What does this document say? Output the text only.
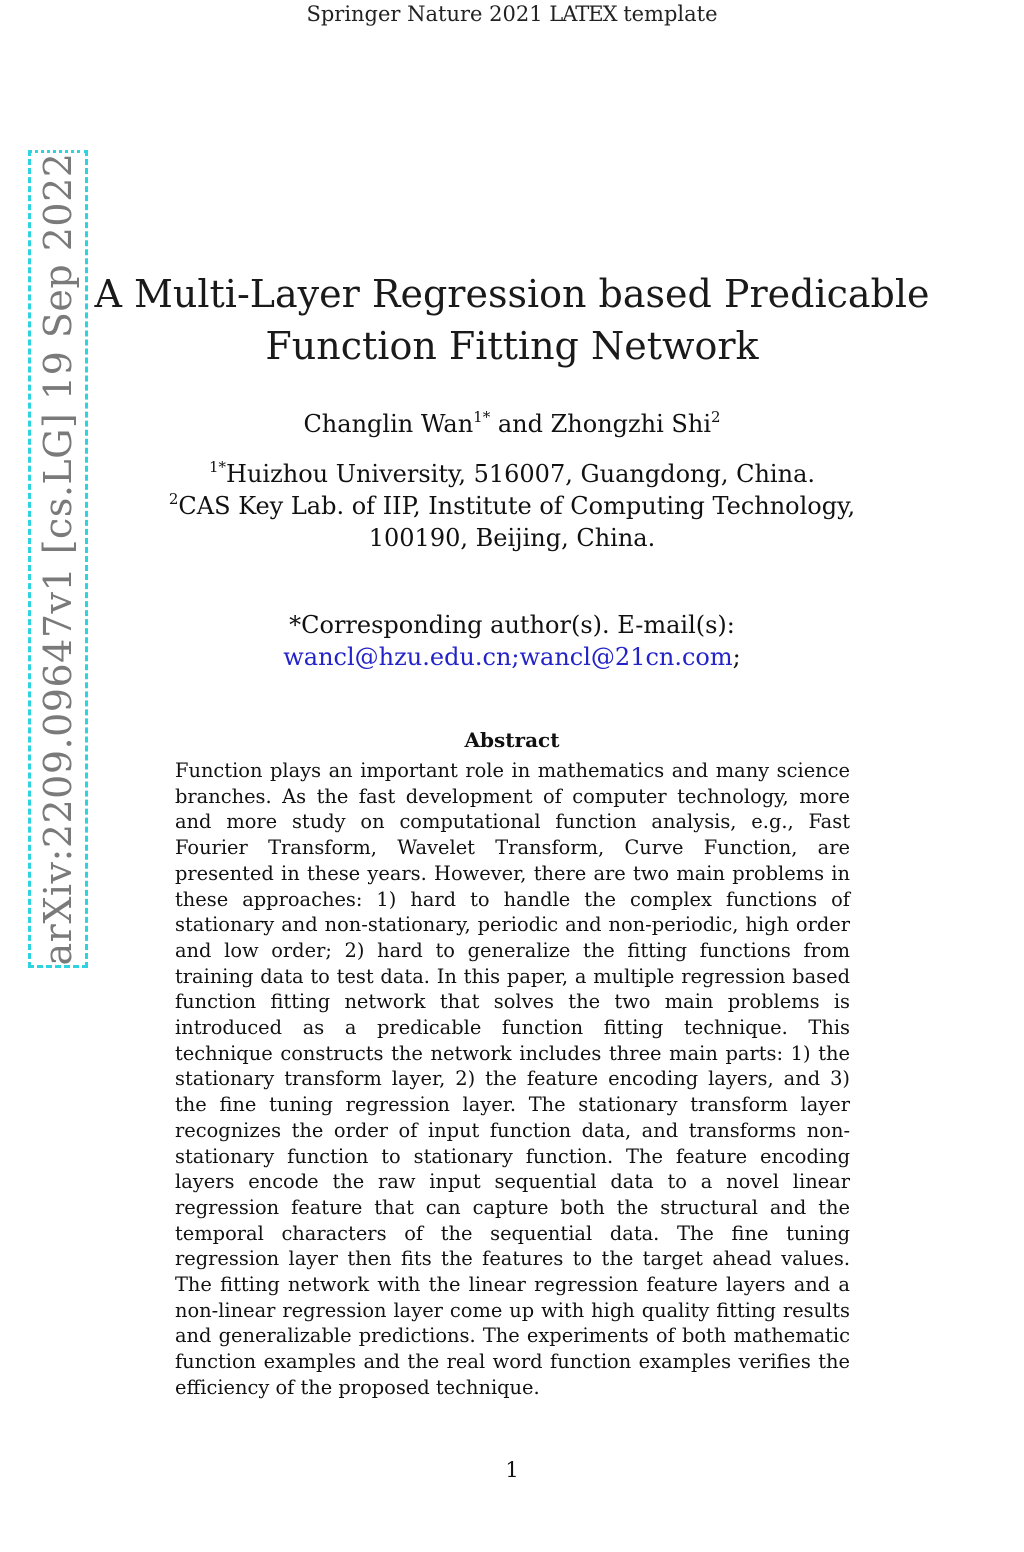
Springer Nature 2021 LATEX template
arXiv:2209.09647v1 [cs.LG] 19 Sep 2022 A Multi-Layer Regression based Predicable
Function Fitting Network
Changlin Wan$^{1*}$ and Zhongzhi Shi$^2$
$^{1*}$Huizhou University, 516007, Guangdong, China.
$^2$CAS Key Lab. of IIP, Institute of Computing Technology,
100190, Beijing, China.
*Corresponding author(s). E-mail(s):
wancl@hzu.edu.cn;wancl@21cn.com;
Abstract
Function plays an important role in mathematics and many science branches. As the fast development of computer technology, more and more study on computational function analysis, e.g., Fast Fourier Transform, Wavelet Transform, Curve Function, are presented in these years. However, there are two main problems in these approaches: 1) hard to handle the complex functions of stationary and non-stationary, periodic and non-periodic, high order and low order; 2) hard to generalize the fitting functions from training data to test data. In this paper, a multiple regression based function fitting network that solves the two main problems is introduced as a predicable function fitting technique. This technique constructs the network includes three main parts: 1) the stationary transform layer, 2) the feature encoding layers, and 3) the fine tuning regression layer. The stationary transform layer recognizes the order of input function data, and transforms nonstationary function to stationary function. The feature encoding layers encode the raw input sequential data to a novel linear regression feature that can capture both the structural and the temporal characters of the sequential data. The fine tuning regression layer then fits the features to the target ahead values. The fitting network with the linear regression feature layers and a non-linear regression layer come up with high quality fitting results and generalizable predictions. The experiments of both mathematic function examples and the real word function examples verifies the efficiency of the proposed technique.
1
